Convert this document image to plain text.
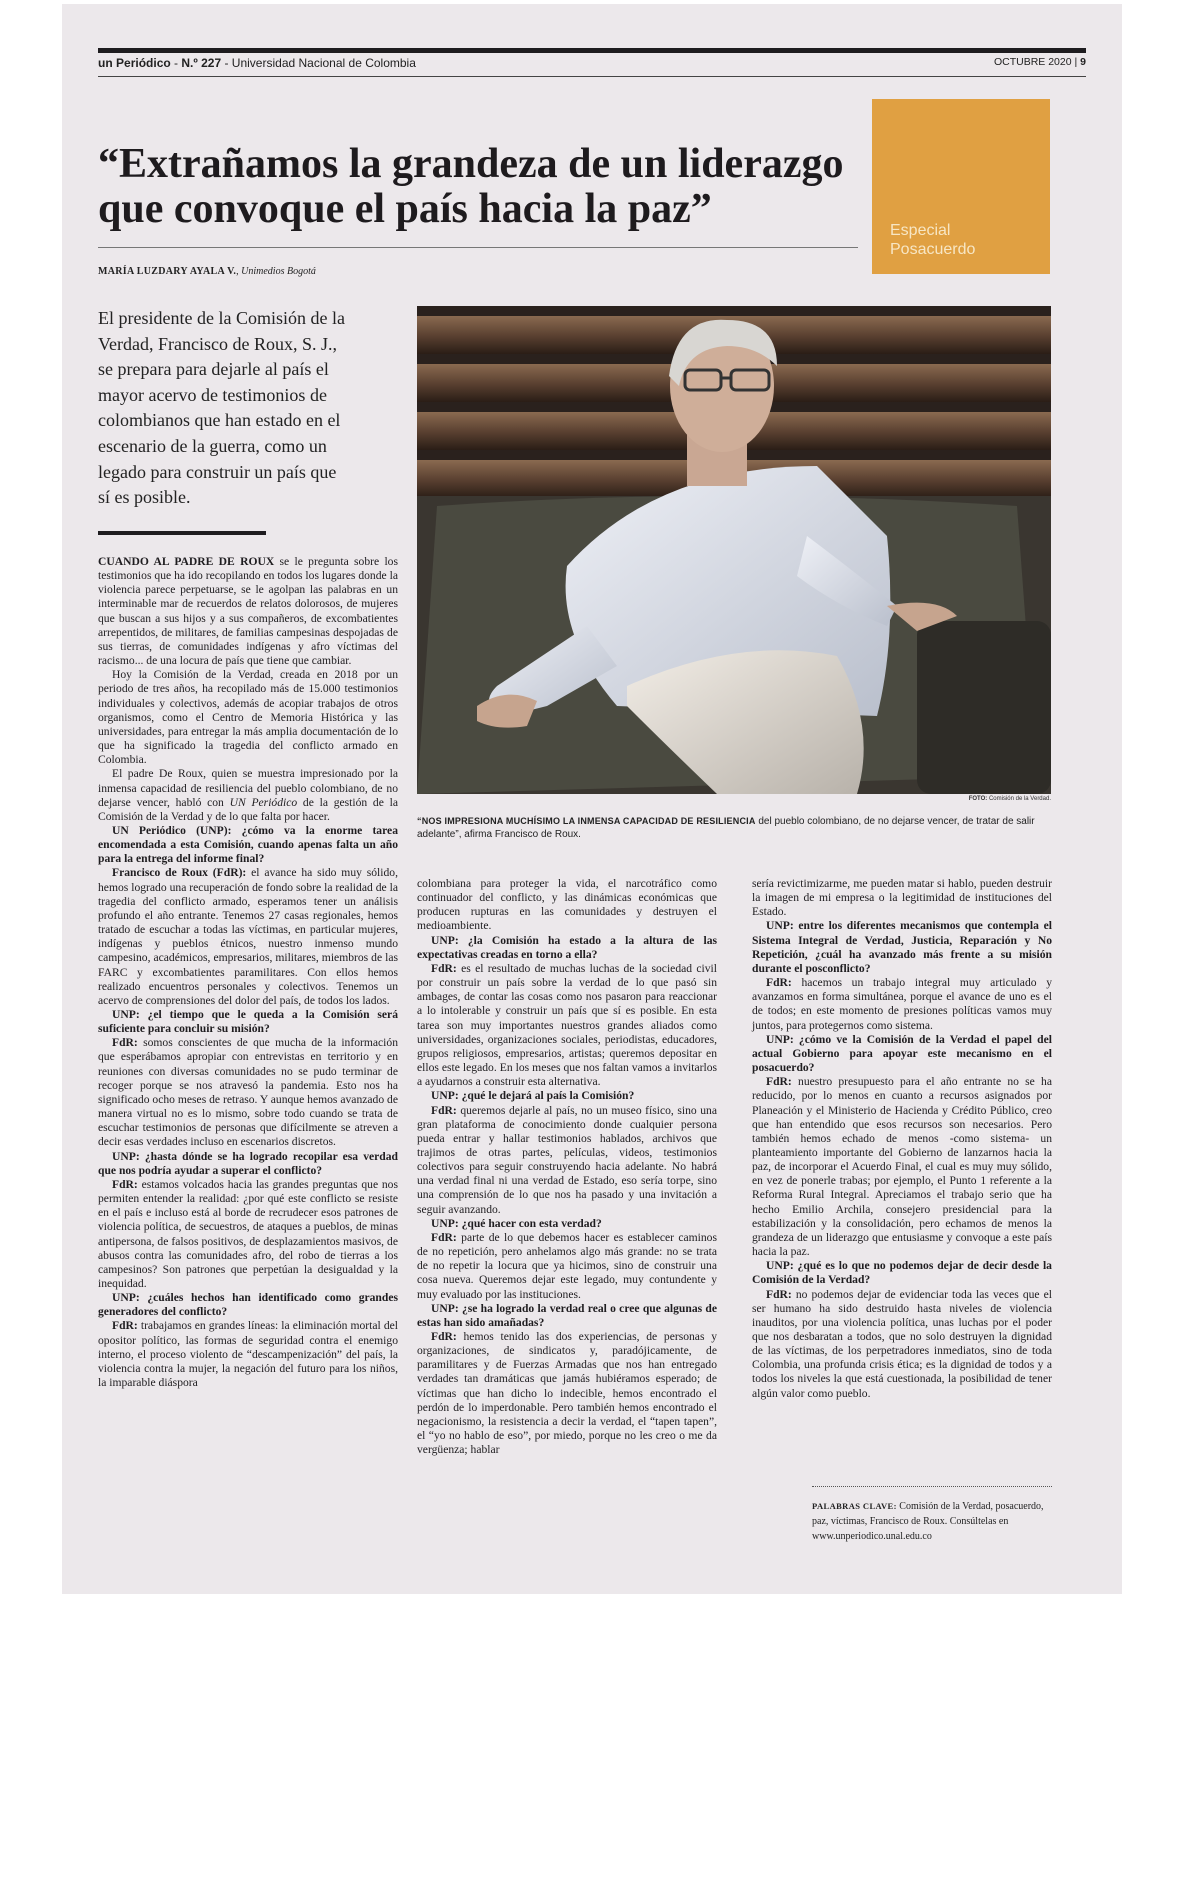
un Periódico - N.º 227 - Universidad Nacional de Colombia	OCTUBRE 2020 | 9
Especial
Posacuerdo
“Extrañamos la grandeza de un liderazgo que convoque el país hacia la paz”
MARÍA LUZDARY AYALA V., Unimedios Bogotá

El presidente de la Comisión de la Verdad, Francisco de Roux, S. J., se prepara para dejarle al país el mayor acervo de testimonios de colombianos que han estado en el escenario de la guerra, como un legado para construir un país que sí es posible.

FOTO: Comisión de la Verdad.

“NOS IMPRESIONA MUCHÍSIMO LA INMENSA CAPACIDAD DE RESILIENCIA del pueblo colombiano, de no dejarse vencer, de tratar de salir adelante”, afirma Francisco de Roux.

CUANDO AL PADRE DE ROUX se le pregunta sobre los testimonios que ha ido recopilando en todos los lugares donde la violencia parece perpetuarse, se le agolpan las palabras en un interminable mar de recuerdos de relatos dolorosos, de mujeres que buscan a sus hijos y a sus compañeros, de excombatientes arrepentidos, de militares, de familias campesinas despojadas de sus tierras, de comunidades indígenas y afro víctimas del racismo... de una locura de país que tiene que cambiar.

Hoy la Comisión de la Verdad, creada en 2018 por un periodo de tres años, ha recopilado más de 15.000 testimonios individuales y colectivos, además de acopiar trabajos de otros organismos, como el Centro de Memoria Histórica y las universidades, para entregar la más amplia documentación de lo que ha significado la tragedia del conflicto armado en Colombia.

El padre De Roux, quien se muestra impresionado por la inmensa capacidad de resiliencia del pueblo colombiano, de no dejarse vencer, habló con UN Periódico de la gestión de la Comisión de la Verdad y de lo que falta por hacer.

UN Periódico (UNP): ¿cómo va la enorme tarea encomendada a esta Comisión, cuando apenas falta un año para la entrega del informe final?

Francisco de Roux (FdR): el avance ha sido muy sólido, hemos logrado una recuperación de fondo sobre la realidad de la tragedia del conflicto armado, esperamos tener un análisis profundo el año entrante. Tenemos 27 casas regionales, hemos tratado de escuchar a todas las víctimas, en particular mujeres, indígenas y pueblos étnicos, nuestro inmenso mundo campesino, académicos, empresarios, militares, miembros de las FARC y excombatientes paramilitares. Con ellos hemos realizado encuentros personales y colectivos. Tenemos un acervo de comprensiones del dolor del país, de todos los lados.

UNP: ¿el tiempo que le queda a la Comisión será suficiente para concluir su misión?

FdR: somos conscientes de que mucha de la información que esperábamos apropiar con entrevistas en territorio y en reuniones con diversas comunidades no se pudo terminar de recoger porque se nos atravesó la pandemia. Esto nos ha significado ocho meses de retraso. Y aunque hemos avanzado de manera virtual no es lo mismo, sobre todo cuando se trata de escuchar testimonios de personas que difícilmente se atreven a decir esas verdades incluso en escenarios discretos.

UNP: ¿hasta dónde se ha logrado recopilar esa verdad que nos podría ayudar a superar el conflicto?

FdR: estamos volcados hacia las grandes preguntas que nos permiten entender la realidad: ¿por qué este conflicto se resiste en el país e incluso está al borde de recrudecer esos patrones de violencia política, de secuestros, de ataques a pueblos, de minas antipersona, de falsos positivos, de desplazamientos masivos, de abusos contra las comunidades afro, del robo de tierras a los campesinos? Son patrones que perpetúan la desigualdad y la inequidad.

UNP: ¿cuáles hechos han identificado como grandes generadores del conflicto?

FdR: trabajamos en grandes líneas: la eliminación mortal del opositor político, las formas de seguridad contra el enemigo interno, el proceso violento de “descampenización” del país, la violencia contra la mujer, la negación del futuro para los niños, la imparable diáspora

colombiana para proteger la vida, el narcotráfico como continuador del conflicto, y las dinámicas económicas que producen rupturas en las comunidades y destruyen el medioambiente.

UNP: ¿la Comisión ha estado a la altura de las expectativas creadas en torno a ella?

FdR: es el resultado de muchas luchas de la sociedad civil por construir un país sobre la verdad de lo que pasó sin ambages, de contar las cosas como nos pasaron para reaccionar a lo intolerable y construir un país que sí es posible. En esta tarea son muy importantes nuestros grandes aliados como universidades, organizaciones sociales, periodistas, educadores, grupos religiosos, empresarios, artistas; queremos depositar en ellos este legado. En los meses que nos faltan vamos a invitarlos a ayudarnos a construir esta alternativa.

UNP: ¿qué le dejará al país la Comisión?

FdR: queremos dejarle al país, no un museo físico, sino una gran plataforma de conocimiento donde cualquier persona pueda entrar y hallar testimonios hablados, archivos que trajimos de otras partes, películas, videos, testimonios colectivos para seguir construyendo hacia adelante. No habrá una verdad final ni una verdad de Estado, eso sería torpe, sino una comprensión de lo que nos ha pasado y una invitación a seguir avanzando.

UNP: ¿qué hacer con esta verdad?

FdR: parte de lo que debemos hacer es establecer caminos de no repetición, pero anhelamos algo más grande: no se trata de no repetir la locura que ya hicimos, sino de construir una cosa nueva. Queremos dejar este legado, muy contundente y muy evaluado por las instituciones.

UNP: ¿se ha logrado la verdad real o cree que algunas de estas han sido amañadas?

FdR: hemos tenido las dos experiencias, de personas y organizaciones, de sindicatos y, paradójicamente, de paramilitares y de Fuerzas Armadas que nos han entregado verdades tan dramáticas que jamás hubiéramos esperado; de víctimas que han dicho lo indecible, hemos encontrado el perdón de lo imperdonable. Pero también hemos encontrado el negacionismo, la resistencia a decir la verdad, el “tapen tapen”, el “yo no hablo de eso”, por miedo, porque no les creo o me da vergüenza; hablar

sería revictimizarme, me pueden matar si hablo, pueden destruir la imagen de mi empresa o la legitimidad de instituciones del Estado.

UNP: entre los diferentes mecanismos que contempla el Sistema Integral de Verdad, Justicia, Reparación y No Repetición, ¿cuál ha avanzado más frente a su misión durante el posconflicto?

FdR: hacemos un trabajo integral muy articulado y avanzamos en forma simultánea, porque el avance de uno es el de todos; en este momento de presiones políticas vamos muy juntos, para protegernos como sistema.

UNP: ¿cómo ve la Comisión de la Verdad el papel del actual Gobierno para apoyar este mecanismo en el posacuerdo?

FdR: nuestro presupuesto para el año entrante no se ha reducido, por lo menos en cuanto a recursos asignados por Planeación y el Ministerio de Hacienda y Crédito Público, creo que han entendido que esos recursos son necesarios. Pero también hemos echado de menos -como sistema- un planteamiento importante del Gobierno de lanzarnos hacia la paz, de incorporar el Acuerdo Final, el cual es muy muy sólido, en vez de ponerle trabas; por ejemplo, el Punto 1 referente a la Reforma Rural Integral. Apreciamos el trabajo serio que ha hecho Emilio Archila, consejero presidencial para la estabilización y la consolidación, pero echamos de menos la grandeza de un liderazgo que entusiasme y convoque a este país hacia la paz.

UNP: ¿qué es lo que no podemos dejar de decir desde la Comisión de la Verdad?

FdR: no podemos dejar de evidenciar toda las veces que el ser humano ha sido destruido hasta niveles de violencia inauditos, por una violencia política, unas luchas por el poder que nos desbaratan a todos, que no solo destruyen la dignidad de las víctimas, de los perpetradores inmediatos, sino de toda Colombia, una profunda crisis ética; es la dignidad de todos y a todos los niveles la que está cuestionada, la posibilidad de tener algún valor como pueblo.

PALABRAS CLAVE: Comisión de la Verdad, posacuerdo, paz, víctimas, Francisco de Roux. Consúltelas en www.unperiodico.unal.edu.co
